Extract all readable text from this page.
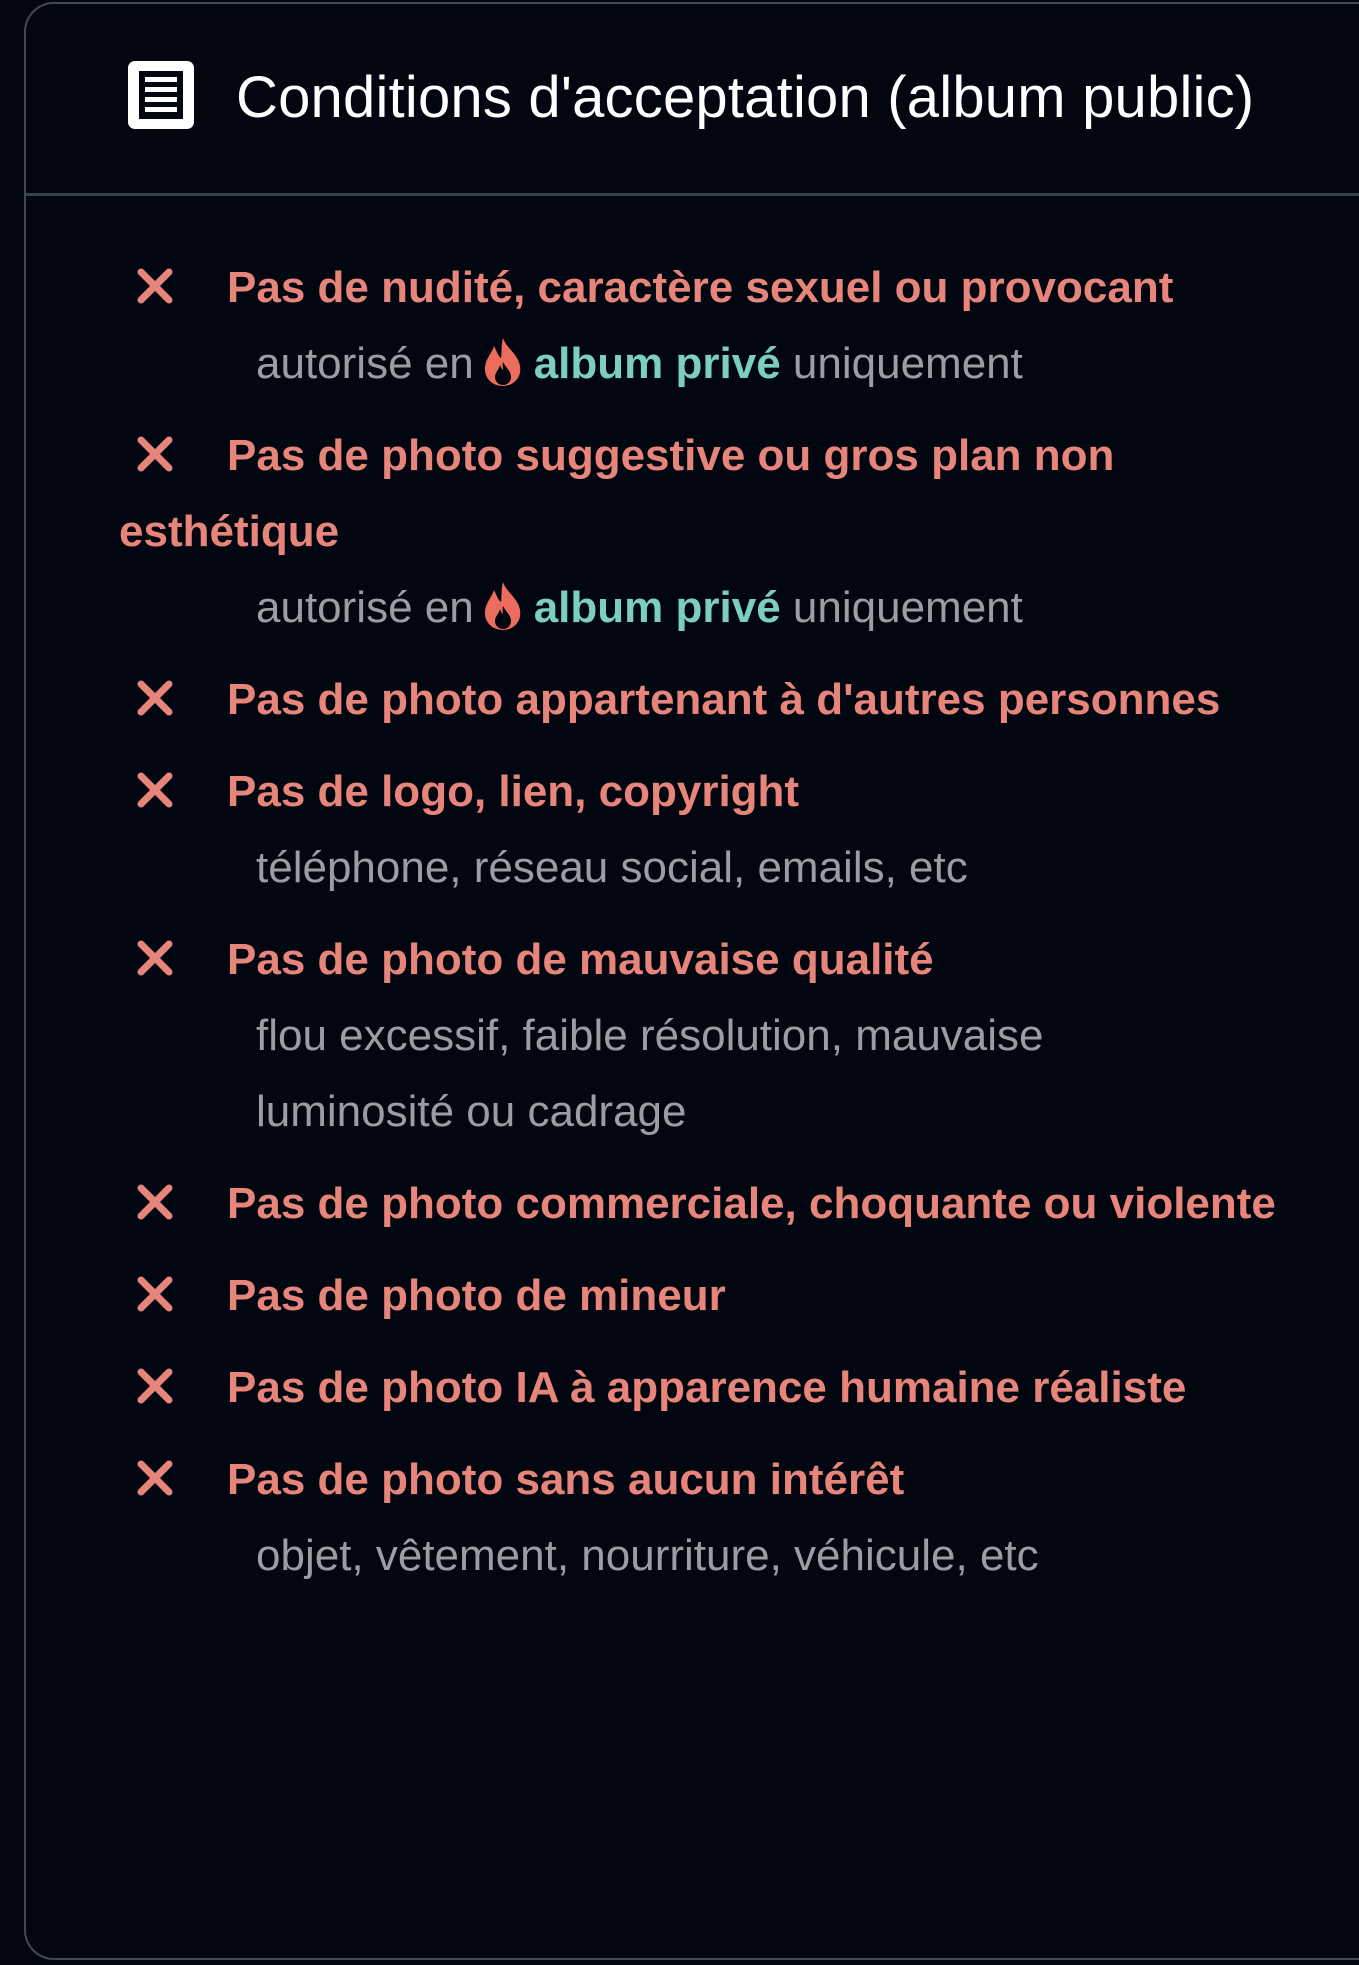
Conditions d'acceptation (album public)

Pas de nudité, caractère sexuel ou provocant

autorisé en album privé uniquement

Pas de photo suggestive ou gros plan non esthétique

autorisé en album privé uniquement

Pas de photo appartenant à d'autres personnes

Pas de logo, lien, copyright

téléphone, réseau social, emails, etc

Pas de photo de mauvaise qualité

flou excessif, faible résolution, mauvaise luminosité ou cadrage

Pas de photo commerciale, choquante ou violente

Pas de photo de mineur

Pas de photo IA à apparence humaine réaliste

Pas de photo sans aucun intérêt

objet, vêtement, nourriture, véhicule, etc
